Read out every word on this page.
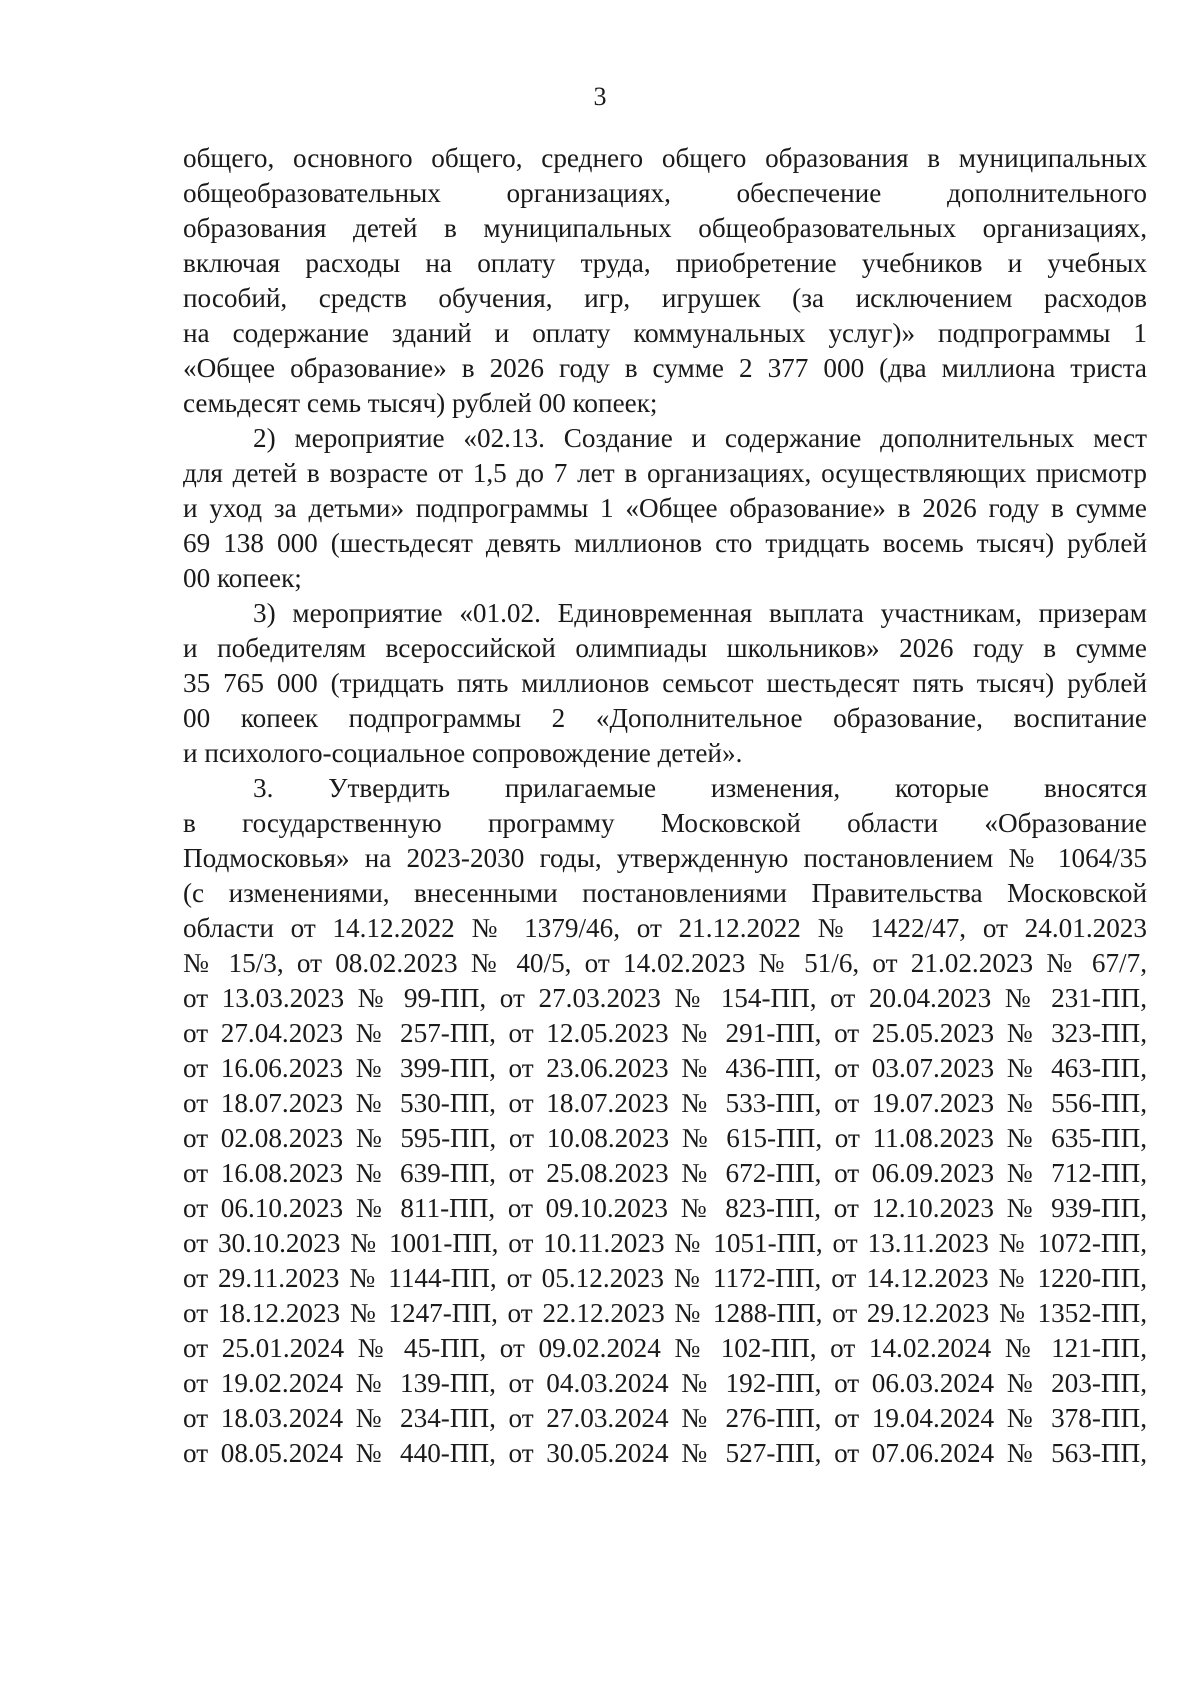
3
общего, основного общего, среднего общего образования в муниципальных
общеобразовательных организациях, обеспечение дополнительного
образования детей в муниципальных общеобразовательных организациях,
включая расходы на оплату труда, приобретение учебников и учебных
пособий, средств обучения, игр, игрушек (за исключением расходов
на содержание зданий и оплату коммунальных услуг)» подпрограммы 1
«Общее образование» в 2026 году в сумме 2 377 000 (два миллиона триста
семьдесят семь тысяч) рублей 00 копеек;
2) мероприятие «02.13. Создание и содержание дополнительных мест
для детей в возрасте от 1,5 до 7 лет в организациях, осуществляющих присмотр
и уход за детьми» подпрограммы 1 «Общее образование» в 2026 году в сумме
69 138 000 (шестьдесят девять миллионов сто тридцать восемь тысяч) рублей
00 копеек;
3) мероприятие «01.02. Единовременная выплата участникам, призерам
и победителям всероссийской олимпиады школьников» 2026 году в сумме
35 765 000 (тридцать пять миллионов семьсот шестьдесят пять тысяч) рублей
00 копеек подпрограммы 2 «Дополнительное образование, воспитание
и психолого-социальное сопровождение детей».
3. Утвердить прилагаемые изменения, которые вносятся
в государственную программу Московской области «Образование
Подмосковья» на 2023-2030 годы, утвержденную постановлением № 1064/35
(с изменениями, внесенными постановлениями Правительства Московской
области от 14.12.2022 № 1379/46, от 21.12.2022 № 1422/47, от 24.01.2023
№ 15/3, от 08.02.2023 № 40/5, от 14.02.2023 № 51/6, от 21.02.2023 № 67/7,
от 13.03.2023 № 99-ПП, от 27.03.2023 № 154-ПП, от 20.04.2023 № 231-ПП,
от 27.04.2023 № 257-ПП, от 12.05.2023 № 291-ПП, от 25.05.2023 № 323-ПП,
от 16.06.2023 № 399-ПП, от 23.06.2023 № 436-ПП, от 03.07.2023 № 463-ПП,
от 18.07.2023 № 530-ПП, от 18.07.2023 № 533-ПП, от 19.07.2023 № 556-ПП,
от 02.08.2023 № 595-ПП, от 10.08.2023 № 615-ПП, от 11.08.2023 № 635-ПП,
от 16.08.2023 № 639-ПП, от 25.08.2023 № 672-ПП, от 06.09.2023 № 712-ПП,
от 06.10.2023 № 811-ПП, от 09.10.2023 № 823-ПП, от 12.10.2023 № 939-ПП,
от 30.10.2023 № 1001-ПП, от 10.11.2023 № 1051-ПП, от 13.11.2023 № 1072-ПП,
от 29.11.2023 № 1144-ПП, от 05.12.2023 № 1172-ПП, от 14.12.2023 № 1220-ПП,
от 18.12.2023 № 1247-ПП, от 22.12.2023 № 1288-ПП, от 29.12.2023 № 1352-ПП,
от 25.01.2024 № 45-ПП, от 09.02.2024 № 102-ПП, от 14.02.2024 № 121-ПП,
от 19.02.2024 № 139-ПП, от 04.03.2024 № 192-ПП, от 06.03.2024 № 203-ПП,
от 18.03.2024 № 234-ПП, от 27.03.2024 № 276-ПП, от 19.04.2024 № 378-ПП,
от 08.05.2024 № 440-ПП, от 30.05.2024 № 527-ПП, от 07.06.2024 № 563-ПП,
